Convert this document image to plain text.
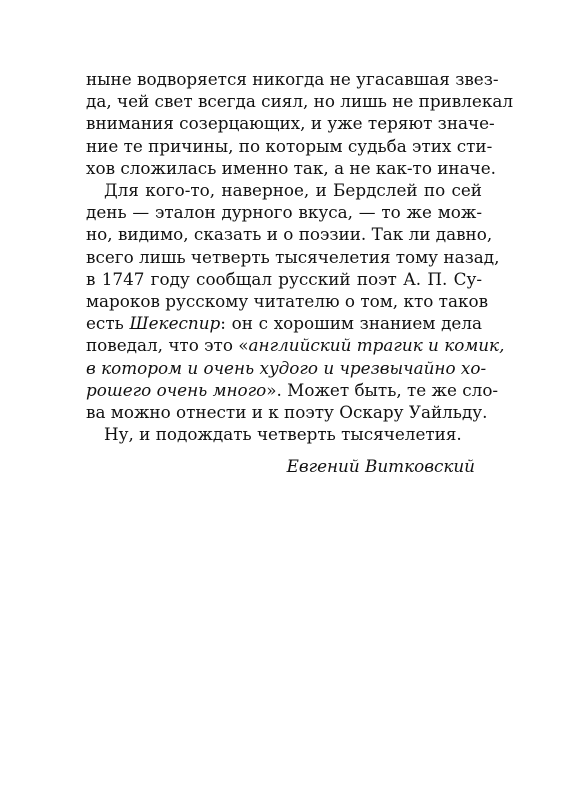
ныне водворяется никогда не угасавшая звез-
да, чей свет всегда сиял, но лишь не привлекал
внимания созерцающих, и уже теряют значе-
ние те причины, по которым судьба этих сти-
хов сложилась именно так, а не как-то иначе.
Для кого-то, наверное, и Бердслей по сей
день — эталон дурного вкуса, — то же мож-
но, видимо, сказать и о поэзии. Так ли давно,
всего лишь четверть тысячелетия тому назад,
в 1747 году сообщал русский поэт А. П. Су-
мароков русскому читателю о том, кто таков
есть Шекеспир: он с хорошим знанием дела
поведал, что это «английский трагик и комик,
в котором и очень худого и чрезвычайно хо-
рошего очень много». Может быть, те же сло-
ва можно отнести и к поэту Оскару Уайльду.
Ну, и подождать четверть тысячелетия.
Евгений Витковский
